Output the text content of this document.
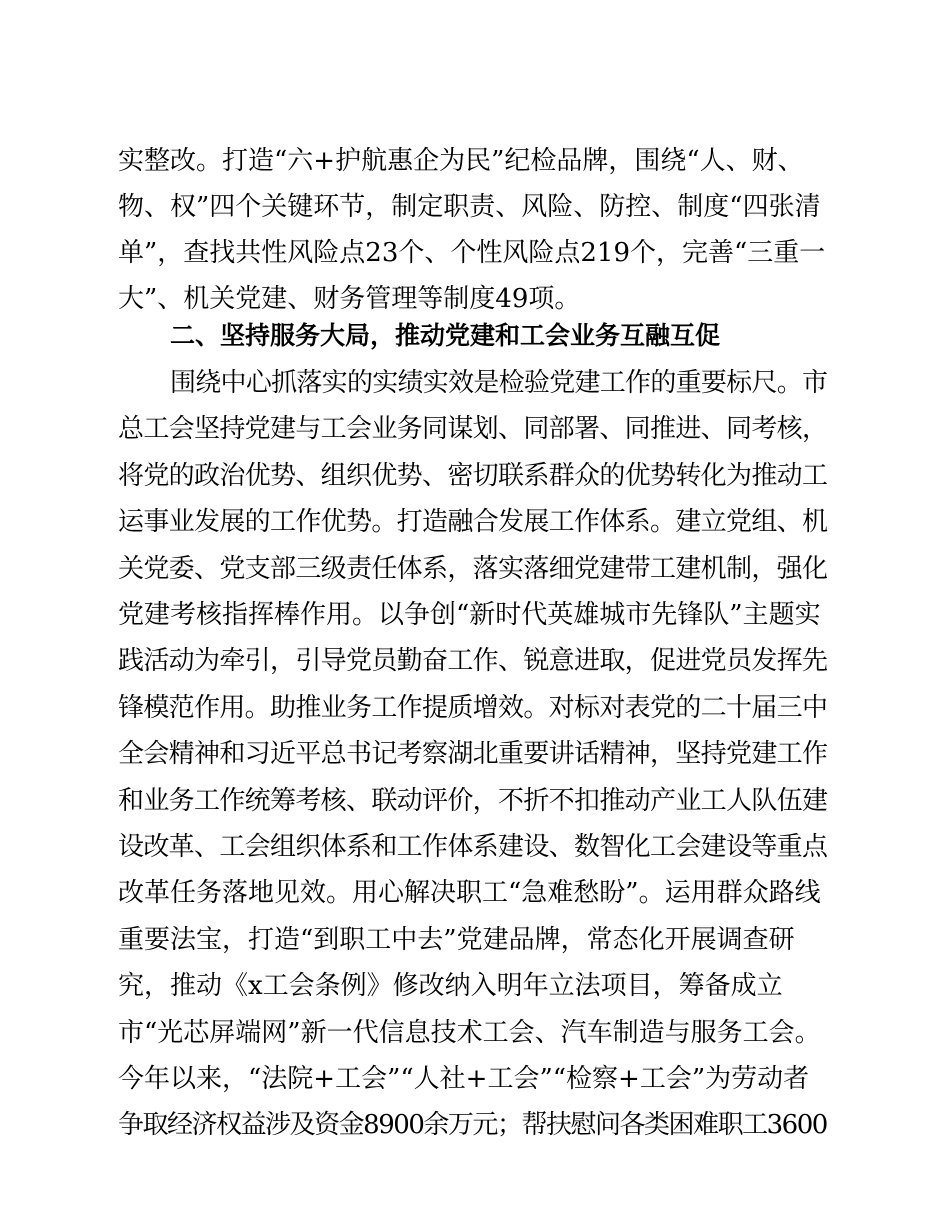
实整改。打造“六+护航惠企为民”纪检品牌，围绕“人、财、
物、权”四个关键环节，制定职责、风险、防控、制度“四张清
单”，查找共性风险点23个、个性风险点219个，完善“三重一
大”、机关党建、财务管理等制度49项。
二、坚持服务大局，推动党建和工会业务互融互促
围绕中心抓落实的实绩实效是检验党建工作的重要标尺。市
总工会坚持党建与工会业务同谋划、同部署、同推进、同考核，
将党的政治优势、组织优势、密切联系群众的优势转化为推动工
运事业发展的工作优势。打造融合发展工作体系。建立党组、机
关党委、党支部三级责任体系，落实落细党建带工建机制，强化
党建考核指挥棒作用。以争创“新时代英雄城市先锋队”主题实
践活动为牵引，引导党员勤奋工作、锐意进取，促进党员发挥先
锋模范作用。助推业务工作提质增效。对标对表党的二十届三中
全会精神和习近平总书记考察湖北重要讲话精神，坚持党建工作
和业务工作统筹考核、联动评价，不折不扣推动产业工人队伍建
设改革、工会组织体系和工作体系建设、数智化工会建设等重点
改革任务落地见效。用心解决职工“急难愁盼”。运用群众路线
重要法宝，打造“到职工中去”党建品牌，常态化开展调查研
究，推动《x工会条例》修改纳入明年立法项目，筹备成立
市“光芯屏端网”新一代信息技术工会、汽车制造与服务工会。
今年以来，“法院+工会”“人社+工会”“检察+工会”为劳动者
争取经济权益涉及资金8900余万元；帮扶慰问各类困难职工3600
